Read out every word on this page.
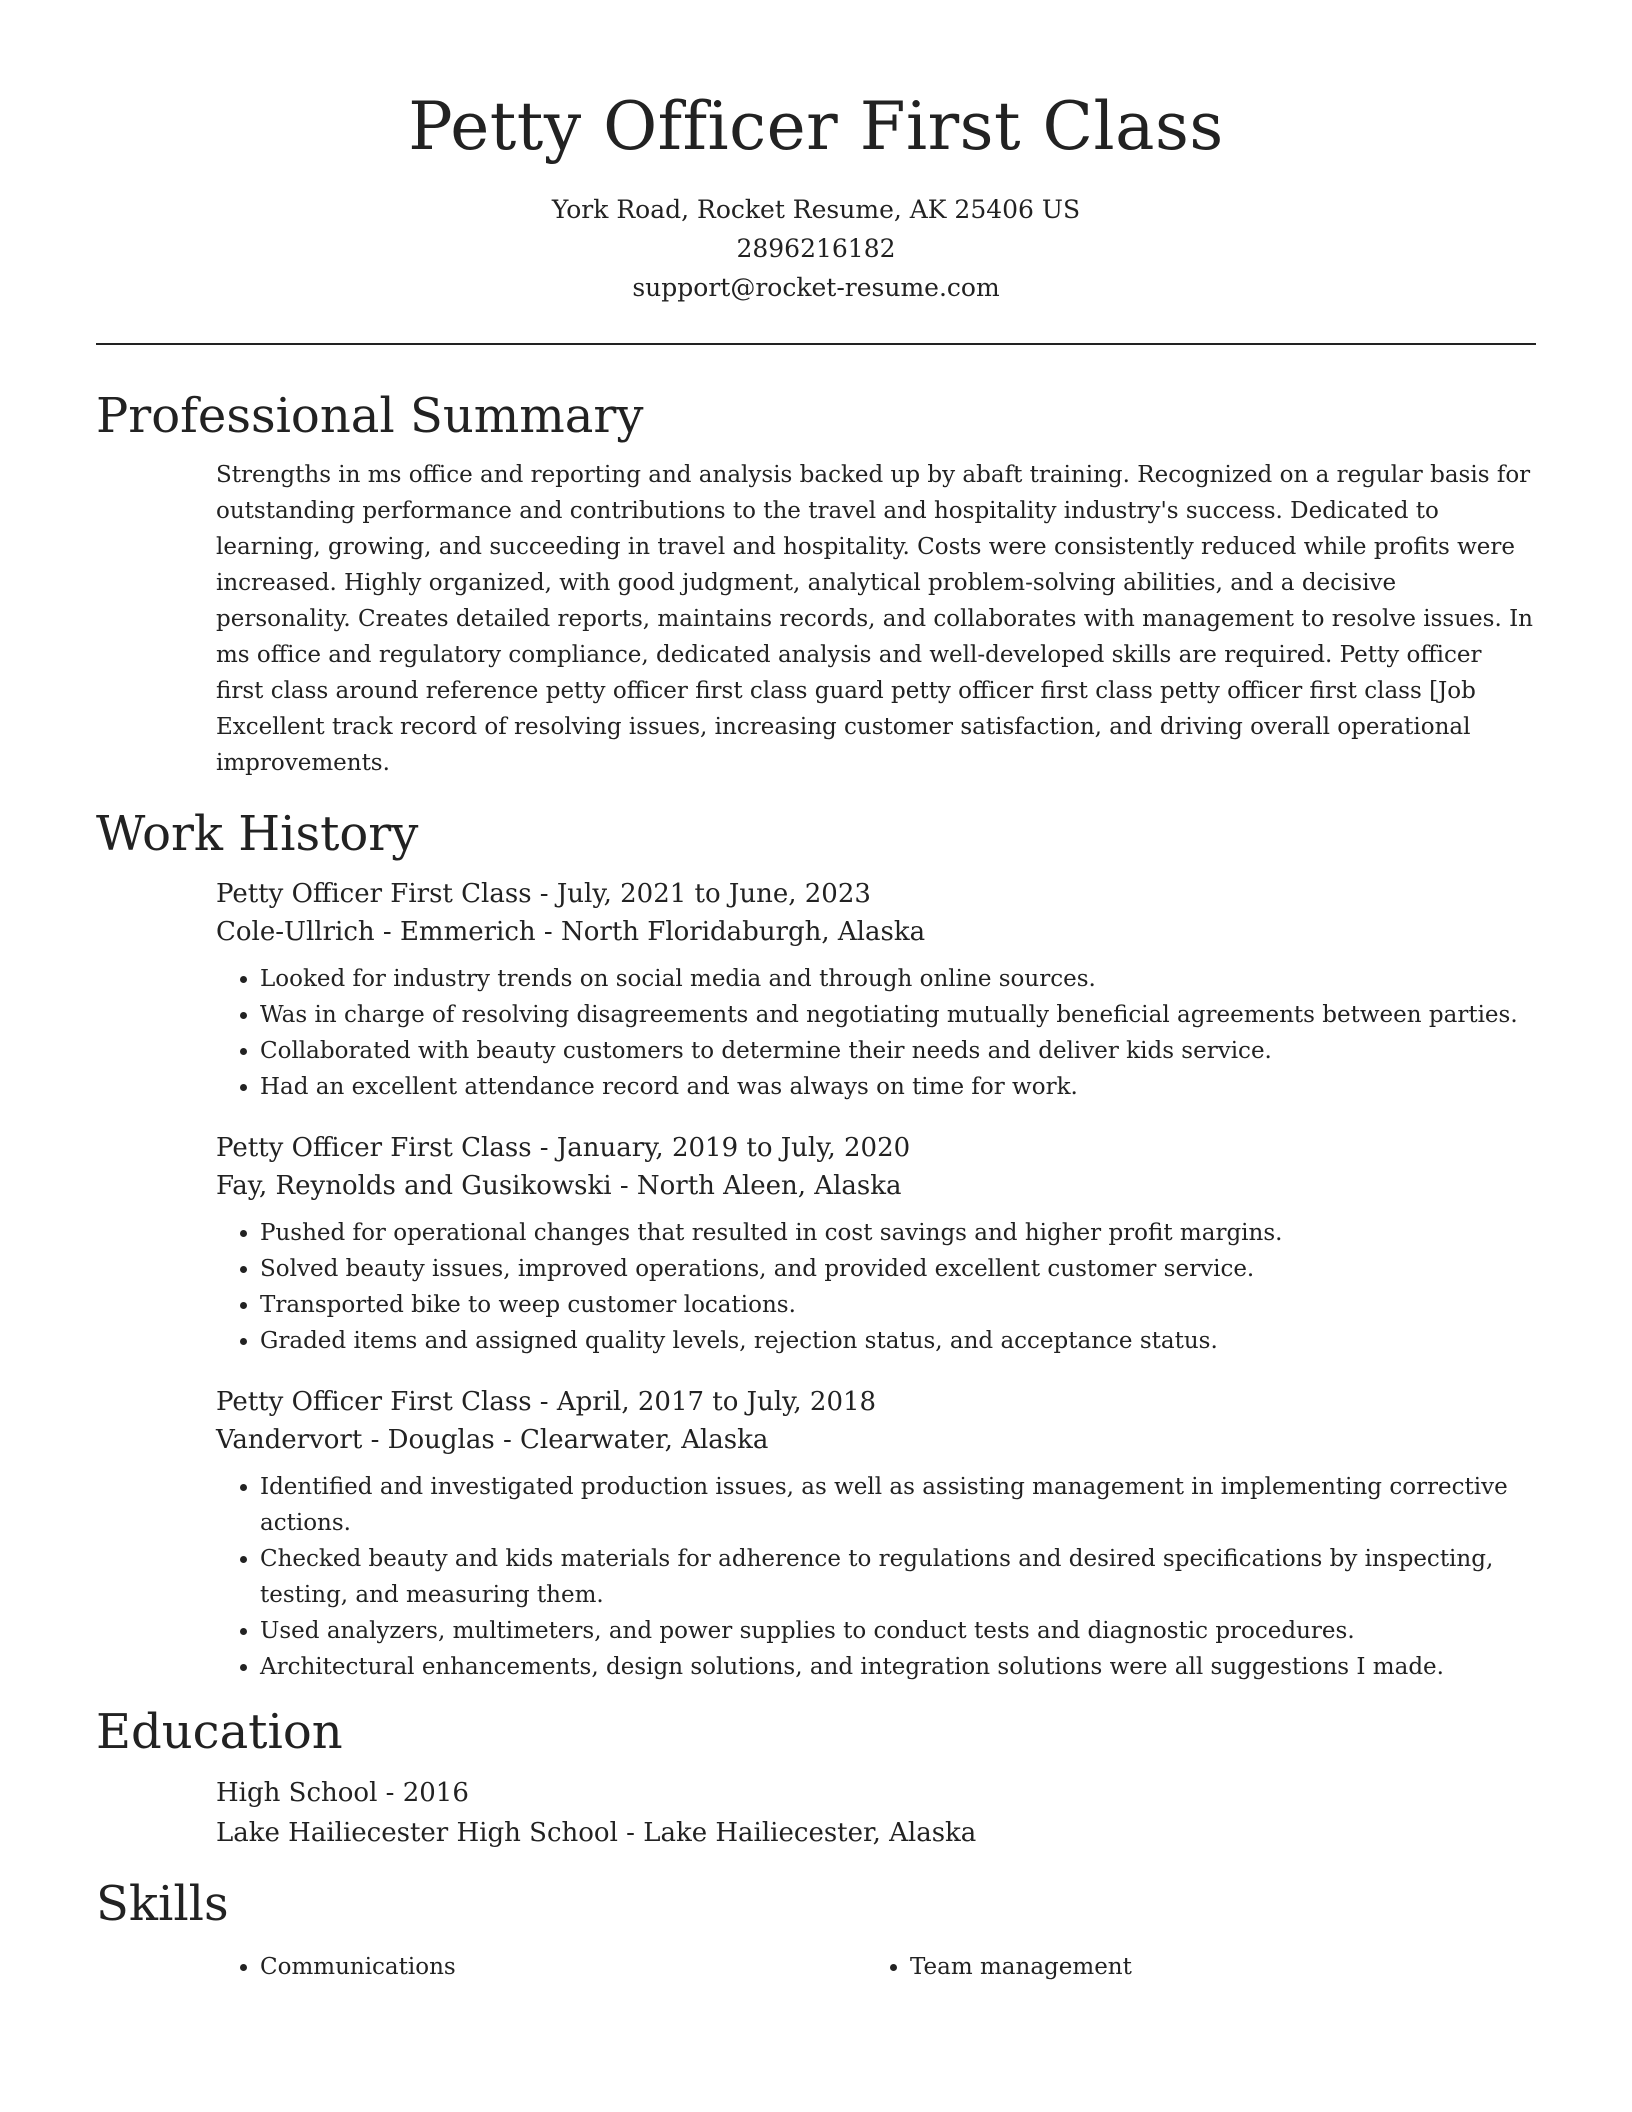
Petty Officer First Class

York Road, Rocket Resume, AK 25406 US

2896216182

support@rocket-resume.com

Professional Summary

Strengths in ms office and reporting and analysis backed up by abaft training. Recognized on a regular basis for outstanding performance and contributions to the travel and hospitality industry's success. Dedicated to learning, growing, and succeeding in travel and hospitality. Costs were consistently reduced while profits were increased. Highly organized, with good judgment, analytical problem-solving abilities, and a decisive personality. Creates detailed reports, maintains records, and collaborates with management to resolve issues. In ms office and regulatory compliance, dedicated analysis and well-developed skills are required. Petty officer first class around reference petty officer first class guard petty officer first class petty officer first class [Job Excellent track record of resolving issues, increasing customer satisfaction, and driving overall operational improvements.

Work History
Petty Officer First Class - July, 2021 to June, 2023
Cole-Ullrich - Emmerich - North Floridaburgh, Alaska
• Looked for industry trends on social media and through online sources.
• Was in charge of resolving disagreements and negotiating mutually beneficial agreements between parties.
• Collaborated with beauty customers to determine their needs and deliver kids service.
• Had an excellent attendance record and was always on time for work.
Petty Officer First Class - January, 2019 to July, 2020
Fay, Reynolds and Gusikowski - North Aleen, Alaska
• Pushed for operational changes that resulted in cost savings and higher profit margins.
• Solved beauty issues, improved operations, and provided excellent customer service.
• Transported bike to weep customer locations.
• Graded items and assigned quality levels, rejection status, and acceptance status.
Petty Officer First Class - April, 2017 to July, 2018
Vandervort - Douglas - Clearwater, Alaska
• Identified and investigated production issues, as well as assisting management in implementing corrective actions.
• Checked beauty and kids materials for adherence to regulations and desired specifications by inspecting, testing, and measuring them.
• Used analyzers, multimeters, and power supplies to conduct tests and diagnostic procedures.
• Architectural enhancements, design solutions, and integration solutions were all suggestions I made.
Education
High School - 2016
Lake Hailiecester High School - Lake Hailiecester, Alaska
Skills
• Communications
•	Team management
